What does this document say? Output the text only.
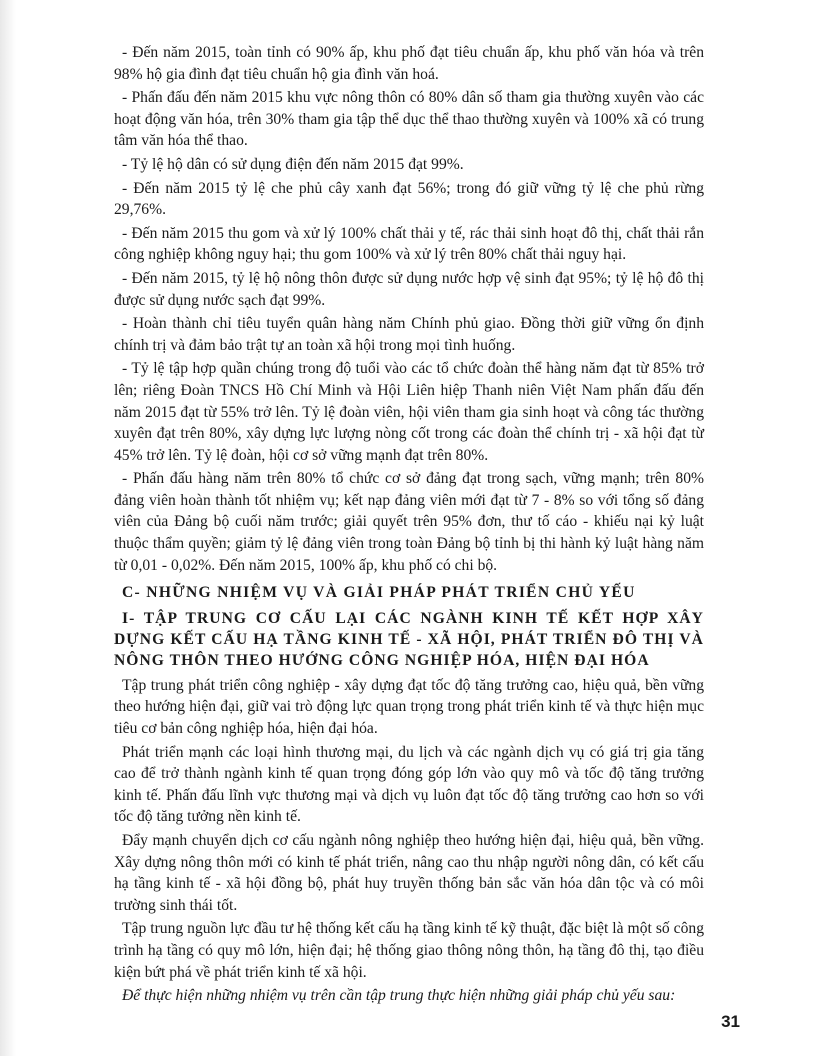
- Đến năm 2015, toàn tỉnh có 90% ấp, khu phố đạt tiêu chuẩn ấp, khu phố văn hóa và trên 98% hộ gia đình đạt tiêu chuẩn hộ gia đình văn hoá.

- Phấn đấu đến năm 2015 khu vực nông thôn có 80% dân số tham gia thường xuyên vào các hoạt động văn hóa, trên 30% tham gia tập thể dục thể thao thường xuyên và 100% xã có trung tâm văn hóa thể thao.

- Tỷ lệ hộ dân có sử dụng điện đến năm 2015 đạt 99%.

- Đến năm 2015 tỷ lệ che phủ cây xanh đạt 56%; trong đó giữ vững tỷ lệ che phủ rừng 29,76%.

- Đến năm 2015 thu gom và xử lý 100% chất thải y tế, rác thải sinh hoạt đô thị, chất thải rắn công nghiệp không nguy hại; thu gom 100% và xử lý trên 80% chất thải nguy hại.

- Đến năm 2015, tỷ lệ hộ nông thôn được sử dụng nước hợp vệ sinh đạt 95%; tỷ lệ hộ đô thị được sử dụng nước sạch đạt 99%.

- Hoàn thành chỉ tiêu tuyển quân hàng năm Chính phủ giao. Đồng thời giữ vững ổn định chính trị và đảm bảo trật tự an toàn xã hội trong mọi tình huống.

- Tỷ lệ tập hợp quần chúng trong độ tuổi vào các tổ chức đoàn thể hàng năm đạt từ 85% trở lên; riêng Đoàn TNCS Hồ Chí Minh và Hội Liên hiệp Thanh niên Việt Nam phấn đấu đến năm 2015 đạt từ 55% trở lên. Tỷ lệ đoàn viên, hội viên tham gia sinh hoạt và công tác thường xuyên đạt trên 80%, xây dựng lực lượng nòng cốt trong các đoàn thể chính trị - xã hội đạt từ 45% trở lên. Tỷ lệ đoàn, hội cơ sở vững mạnh đạt trên 80%.

- Phấn đấu hàng năm trên 80% tổ chức cơ sở đảng đạt trong sạch, vững mạnh; trên 80% đảng viên hoàn thành tốt nhiệm vụ; kết nạp đảng viên mới đạt từ 7 - 8% so với tổng số đảng viên của Đảng bộ cuối năm trước; giải quyết trên 95% đơn, thư tố cáo - khiếu nại kỷ luật thuộc thẩm quyền; giảm tỷ lệ đảng viên trong toàn Đảng bộ tỉnh bị thi hành kỷ luật hàng năm từ 0,01 - 0,02%. Đến năm 2015, 100% ấp, khu phố có chi bộ.

C- NHỮNG NHIỆM VỤ VÀ GIẢI PHÁP PHÁT TRIỂN CHỦ YẾU
I- TẬP TRUNG CƠ CẤU LẠI CÁC NGÀNH KINH TẾ KẾT HỢP XÂY DỰNG KẾT CẤU HẠ TẦNG KINH TẾ - XÃ HỘI, PHÁT TRIỂN ĐÔ THỊ VÀ NÔNG THÔN THEO HƯỚNG CÔNG NGHIỆP HÓA, HIỆN ĐẠI HÓA

Tập trung phát triển công nghiệp - xây dựng đạt tốc độ tăng trưởng cao, hiệu quả, bền vững theo hướng hiện đại, giữ vai trò động lực quan trọng trong phát triển kinh tế và thực hiện mục tiêu cơ bản công nghiệp hóa, hiện đại hóa.

Phát triển mạnh các loại hình thương mại, du lịch và các ngành dịch vụ có giá trị gia tăng cao để trở thành ngành kinh tế quan trọng đóng góp lớn vào quy mô và tốc độ tăng trưởng kinh tế. Phấn đấu lĩnh vực thương mại và dịch vụ luôn đạt tốc độ tăng trưởng cao hơn so với tốc độ tăng tưởng nền kinh tế.

Đẩy mạnh chuyển dịch cơ cấu ngành nông nghiệp theo hướng hiện đại, hiệu quả, bền vững. Xây dựng nông thôn mới có kinh tế phát triển, nâng cao thu nhập người nông dân, có kết cấu hạ tầng kinh tế - xã hội đồng bộ, phát huy truyền thống bản sắc văn hóa dân tộc và có môi trường sinh thái tốt.

Tập trung nguồn lực đầu tư hệ thống kết cấu hạ tầng kinh tế kỹ thuật, đặc biệt là một số công trình hạ tầng có quy mô lớn, hiện đại; hệ thống giao thông nông thôn, hạ tầng đô thị, tạo điều kiện bứt phá về phát triển kinh tế xã hội.

Để thực hiện những nhiệm vụ trên cần tập trung thực hiện những giải pháp chủ yếu sau:

31
